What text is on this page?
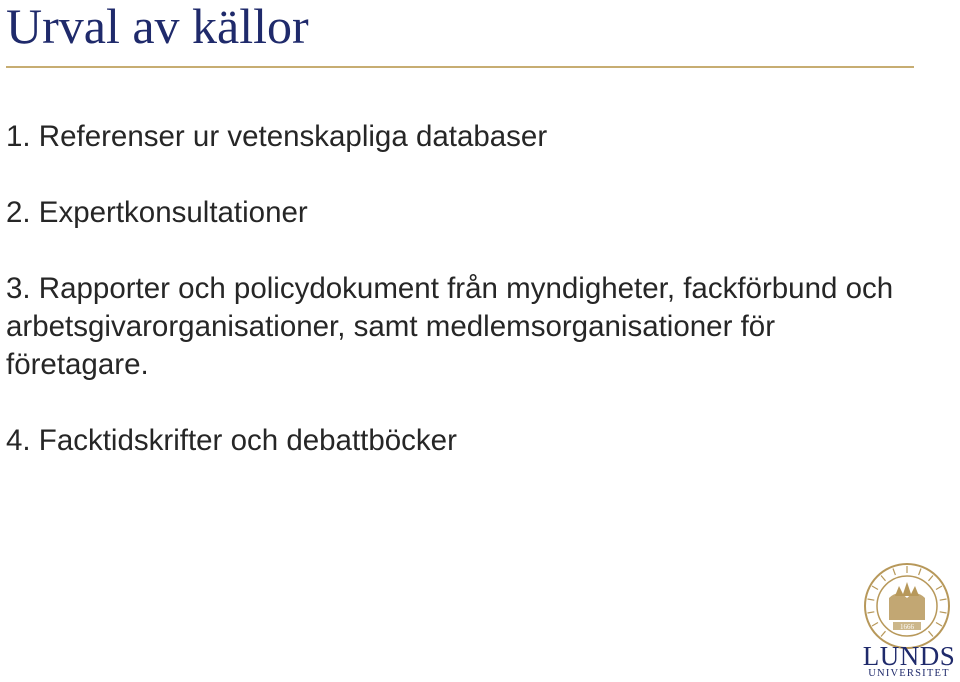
Urval av källor
1. Referenser ur vetenskapliga databaser
2. Expertkonsultationer
3. Rapporter och policydokument från myndigheter, fackförbund och arbetsgivarorganisationer, samt medlemsorganisationer för företagare.
4. Facktidskrifter och debattböcker
1666
LUNDS
UNIVERSITET
